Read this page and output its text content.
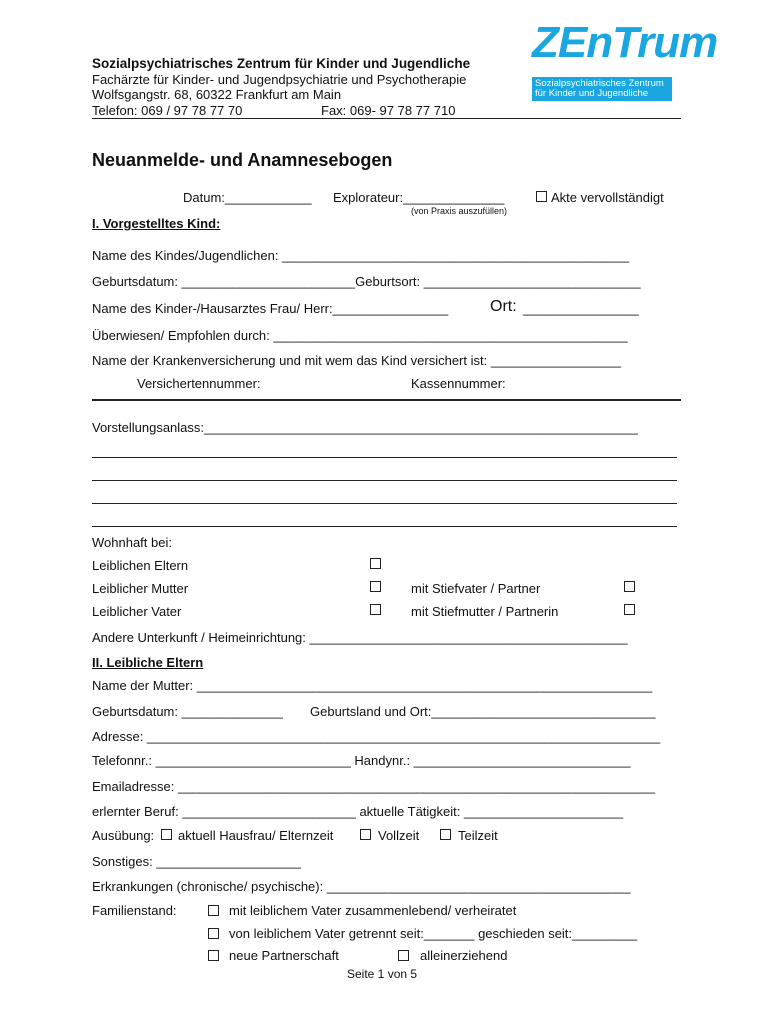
Sozialpsychiatrisches Zentrum für Kinder und Jugendliche
Fachärzte für Kinder- und Jugendpsychiatrie und Psychotherapie
Wolfsgangstr. 68, 60322 Frankfurt am Main
Telefon: 069 / 97 78 77 70	Fax: 069- 97 78 77 710
ZEnTrum
Sozialpsychiatrisches Zentrum
für Kinder und Jugendliche
Neuanmelde- und Anamnesebogen
Datum:____________ Explorateur:______________
(von Praxis auszufüllen)
Akte vervollständigt
I. Vorgestelltes Kind:
Name des Kindes/Jugendlichen: ________________________________________________
Geburtsdatum: ________________________Geburtsort: ______________________________
Name des Kinder-/Hausarztes Frau/ Herr:________________	Ort: ________________
Überwiesen/ Empfohlen durch: _________________________________________________
Name der Krankenversicherung und mit wem das Kind versichert ist: __________________
Versichertennummer:	Kassennummer:
Vorstellungsanlass:____________________________________________________________
Wohnhaft bei:
Leiblichen Eltern
Leiblicher Mutter	mit Stiefvater / Partner
Leiblicher Vater	mit Stiefmutter / Partnerin
Andere Unterkunft / Heimeinrichtung: ____________________________________________
II. Leibliche Eltern
Name der Mutter: _______________________________________________________________
Geburtsdatum: ______________ Geburtsland und Ort:_______________________________
Adresse: _______________________________________________________________________
Telefonnr.: ___________________________ Handynr.: ______________________________
Emailadresse: __________________________________________________________________
erlernter Beruf: ________________________ aktuelle Tätigkeit: ______________________
Ausübung: aktuell Hausfrau/ Elternzeit	Vollzeit	Teilzeit
Sonstiges: ____________________
Erkrankungen (chronische/ psychische): __________________________________________
Familienstand:	mit leiblichem Vater zusammenlebend/ verheiratet
von leiblichem Vater getrennt seit:_______ geschieden seit:_________
neue Partnerschaft	alleinerziehend
Seite 1 von 5
